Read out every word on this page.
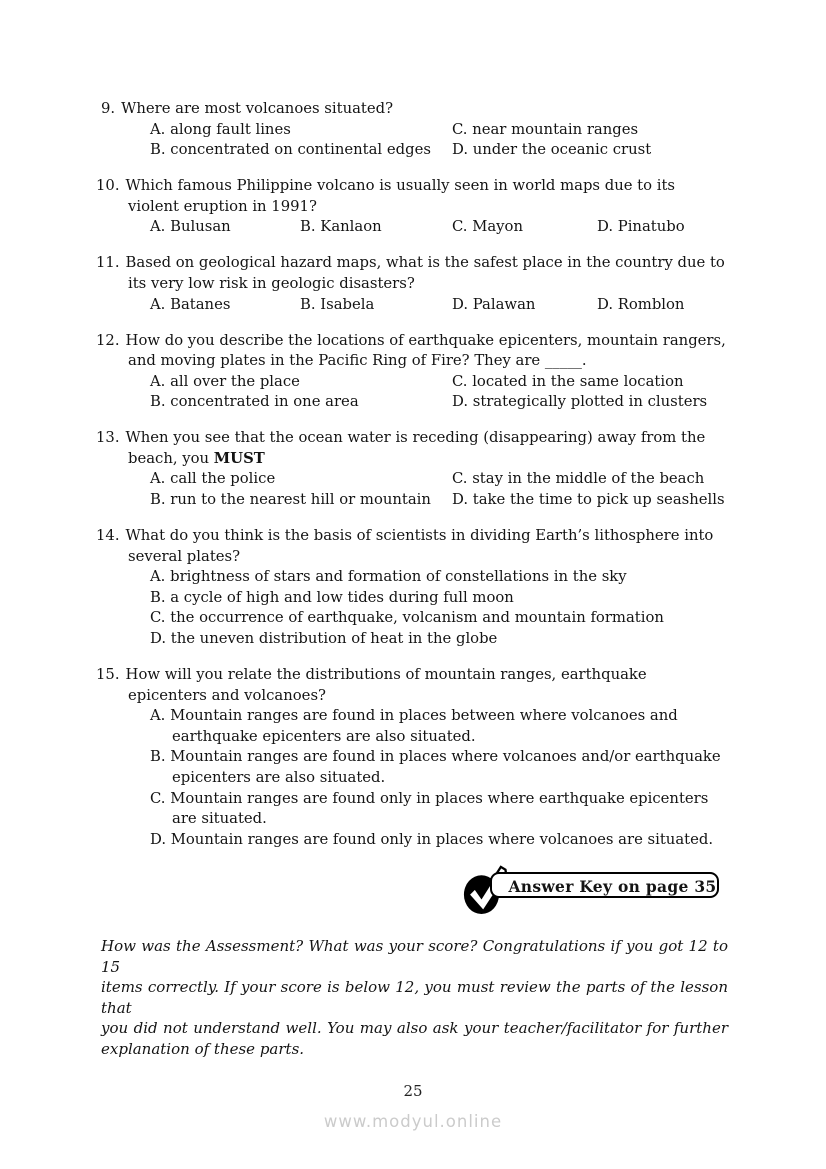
9. Where are most volcanoes situated?
A. along fault lines	C. near mountain ranges
B. concentrated on continental edges D. under the oceanic crust
10. Which famous Philippine volcano is usually seen in world maps due to its
violent eruption in 1991?
A. Bulusan	B. Kanlaon	C. Mayon	D. Pinatubo
11. Based on geological hazard maps, what is the safest place in the country due to
its very low risk in geologic disasters?
A. Batanes	B. Isabela	D. Palawan	D. Romblon
12. How do you describe the locations of earthquake epicenters, mountain rangers,
and moving plates in the Pacific Ring of Fire? They are _____.
A. all over the place	C. located in the same location
B. concentrated in one area	D. strategically plotted in clusters
13. When you see that the ocean water is receding (disappearing) away from the
beach, you MUST
A. call the police	C. stay in the middle of the beach
B. run to the nearest hill or mountain D. take the time to pick up seashells
14. What do you think is the basis of scientists in dividing Earth’s lithosphere into
several plates?
A. brightness of stars and formation of constellations in the sky
B. a cycle of high and low tides during full moon
C. the occurrence of earthquake, volcanism and mountain formation
D. the uneven distribution of heat in the globe
15. How will you relate the distributions of mountain ranges, earthquake
epicenters and volcanoes?
A. Mountain ranges are found in places between where volcanoes and
earthquake epicenters are also situated.
B. Mountain ranges are found in places where volcanoes and/or earthquake
epicenters are also situated.
C. Mountain ranges are found only in places where earthquake epicenters
are situated.
D. Mountain ranges are found only in places where volcanoes are situated.
Answer Key on page 35
How was the Assessment? What was your score? Congratulations if you got 12 to 15
items correctly. If your score is below 12, you must review the parts of the lesson that
you did not understand well. You may also ask your teacher/facilitator for further
explanation of these parts.
25
www.modyul.online
